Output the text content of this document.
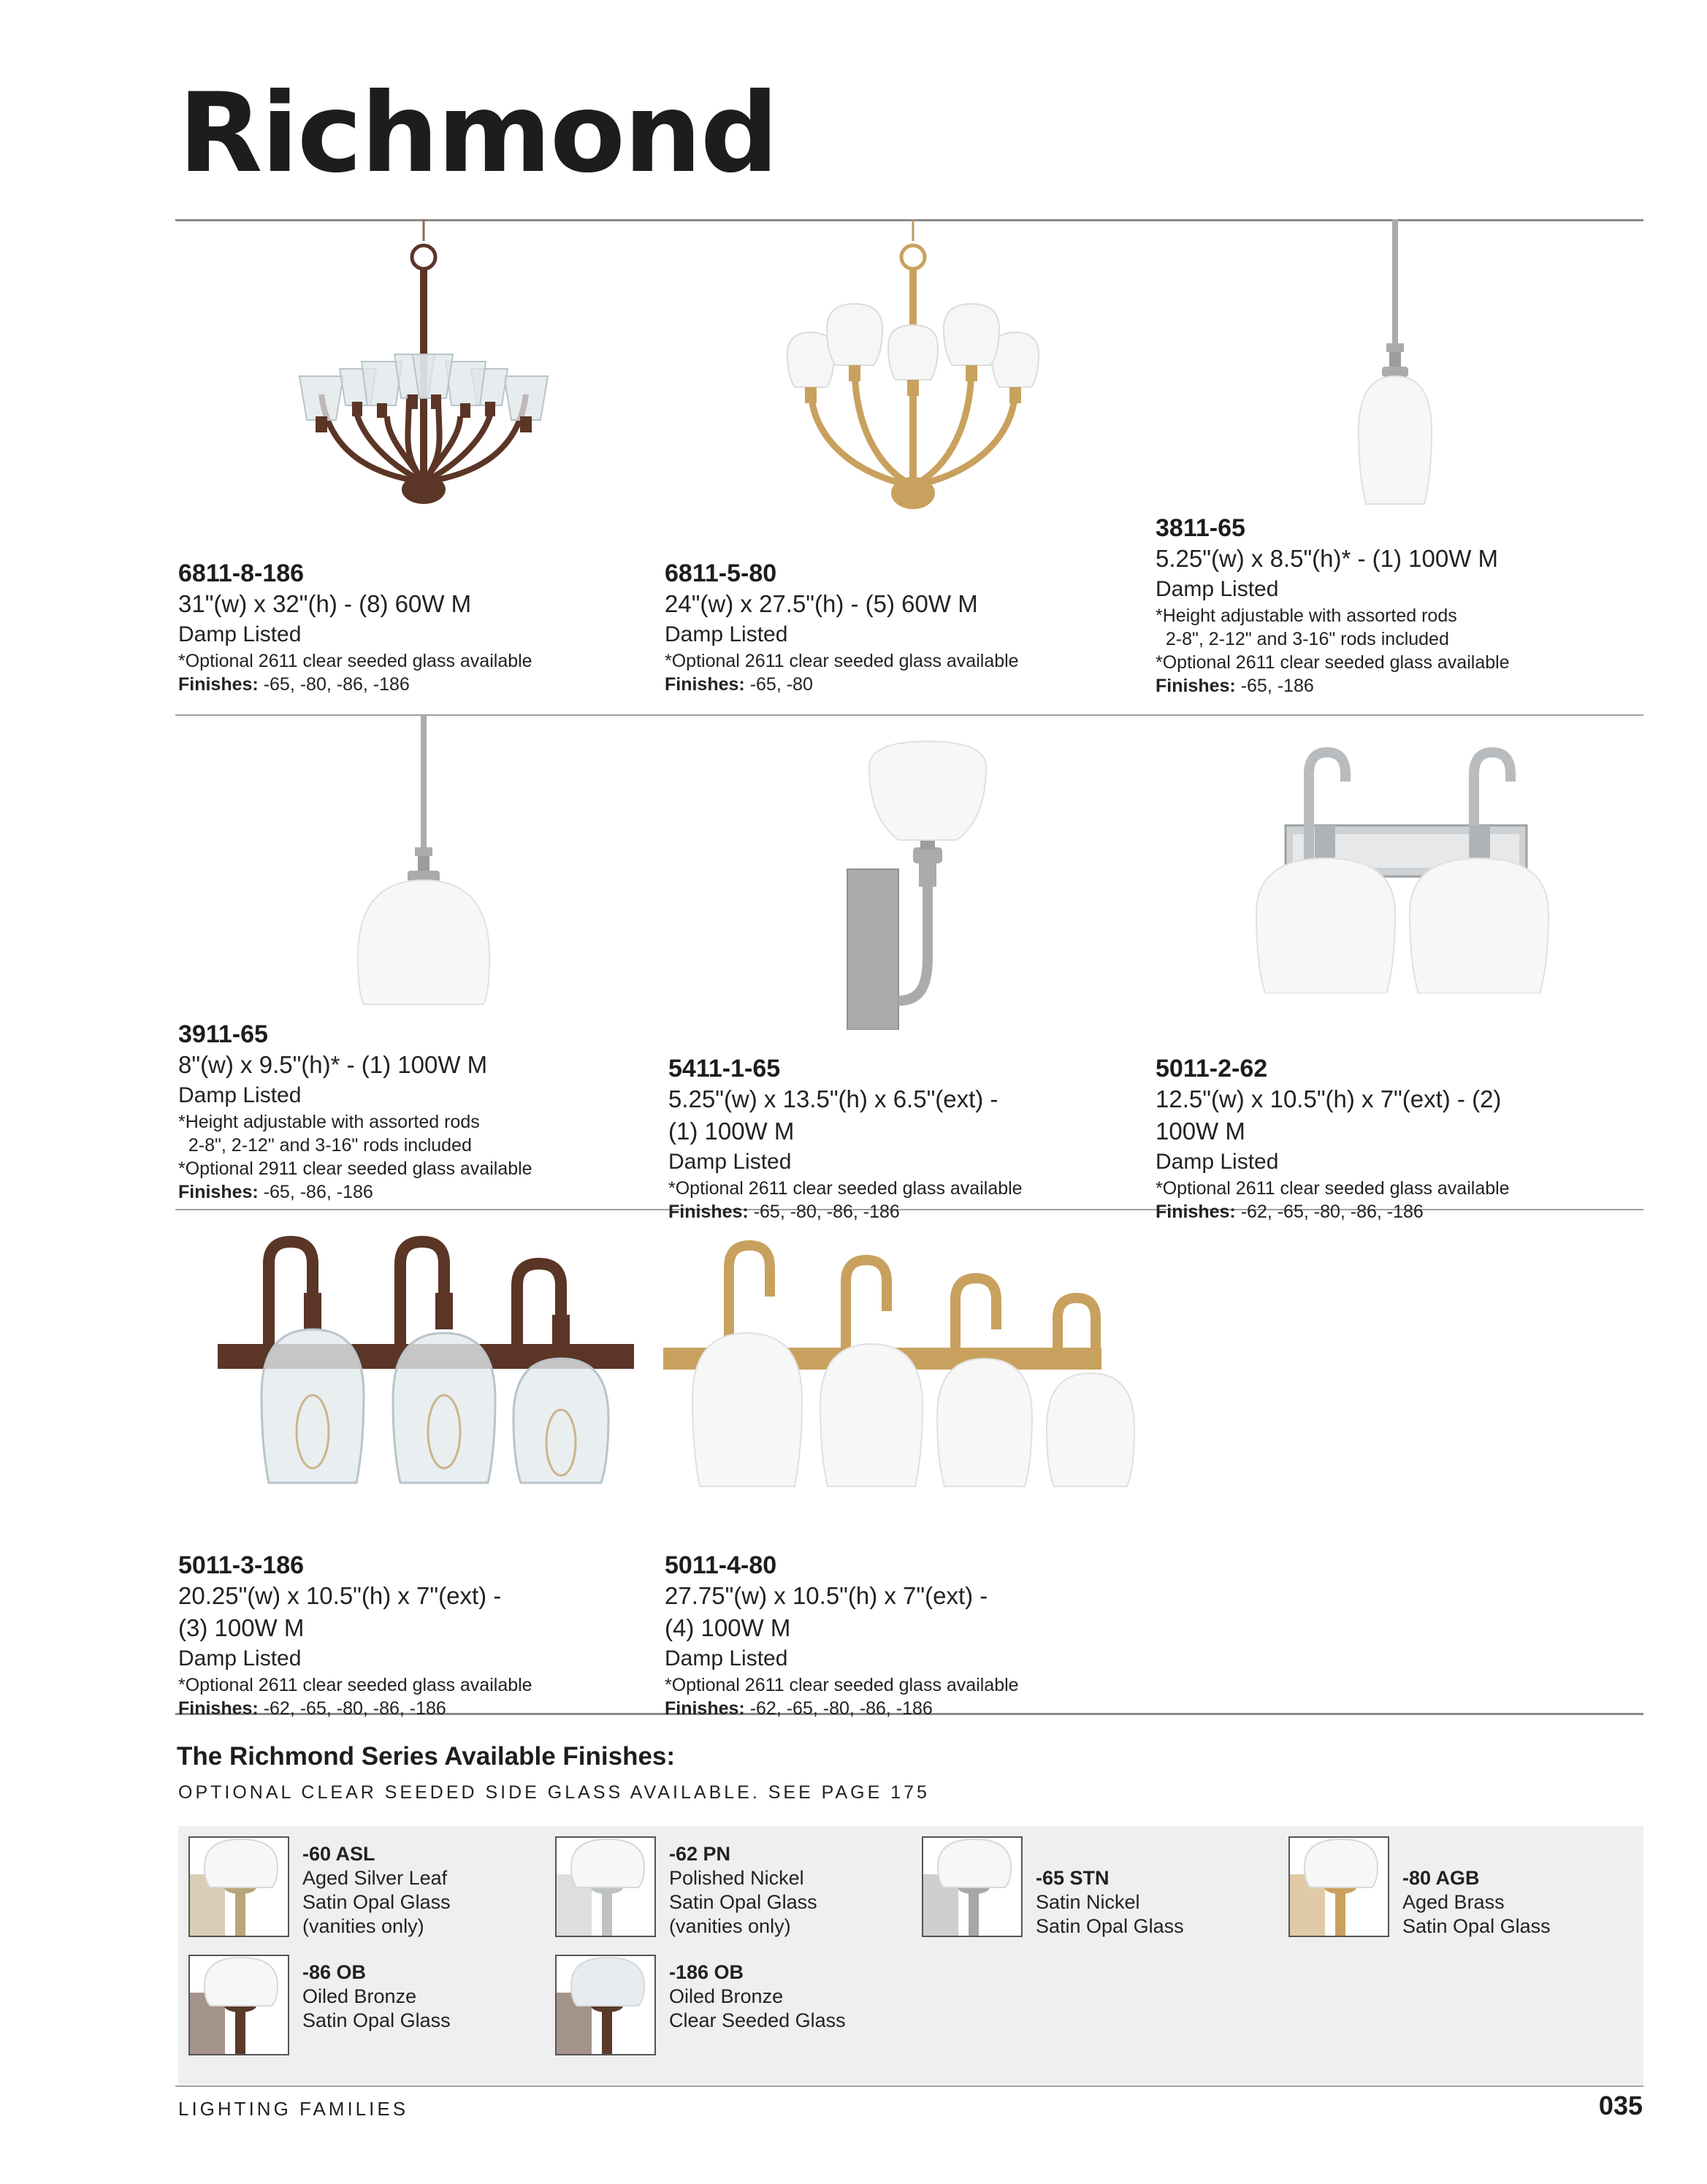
Richmond
6811-8-186
31"(w) x 32"(h) - (8) 60W M
Damp Listed
*Optional 2611 clear seeded glass available
Finishes: -65, -80, -86, -186
6811-5-80
24"(w) x 27.5"(h) - (5) 60W M
Damp Listed
*Optional 2611 clear seeded glass available
Finishes: -65, -80
3811-65
5.25"(w) x 8.5"(h)* - (1) 100W M
Damp Listed
*Height adjustable with assorted rods
2-8", 2-12" and 3-16" rods included
*Optional 2611 clear seeded glass available
Finishes: -65, -186
3911-65
8"(w) x 9.5"(h)* - (1) 100W M
Damp Listed
*Height adjustable with assorted rods
2-8", 2-12" and 3-16" rods included
*Optional 2911 clear seeded glass available
Finishes: -65, -86, -186
5411-1-65
5.25"(w) x 13.5"(h) x 6.5"(ext) - (1) 100W M
Damp Listed
*Optional 2611 clear seeded glass available
Finishes: -65, -80, -86, -186
5011-2-62
12.5"(w) x 10.5"(h) x 7"(ext) - (2) 100W M
Damp Listed
*Optional 2611 clear seeded glass available
Finishes: -62, -65, -80, -86, -186
5011-3-186
20.25"(w) x 10.5"(h) x 7"(ext) - (3) 100W M
Damp Listed
*Optional 2611 clear seeded glass available
Finishes: -62, -65, -80, -86, -186
5011-4-80
27.75"(w) x 10.5"(h) x 7"(ext) - (4) 100W M
Damp Listed
*Optional 2611 clear seeded glass available
Finishes: -62, -65, -80, -86, -186
The Richmond Series Available Finishes:
OPTIONAL CLEAR SEEDED SIDE GLASS AVAILABLE. SEE PAGE 175
-60 ASL
Aged Silver Leaf
Satin Opal Glass
(vanities only)
-62 PN
Polished Nickel
Satin Opal Glass
(vanities only)
-65 STN
Satin Nickel
Satin Opal Glass
-80 AGB
Aged Brass
Satin Opal Glass
-86 OB
Oiled Bronze
Satin Opal Glass
-186 OB
Oiled Bronze
Clear Seeded Glass
LIGHTING FAMILIES	035
